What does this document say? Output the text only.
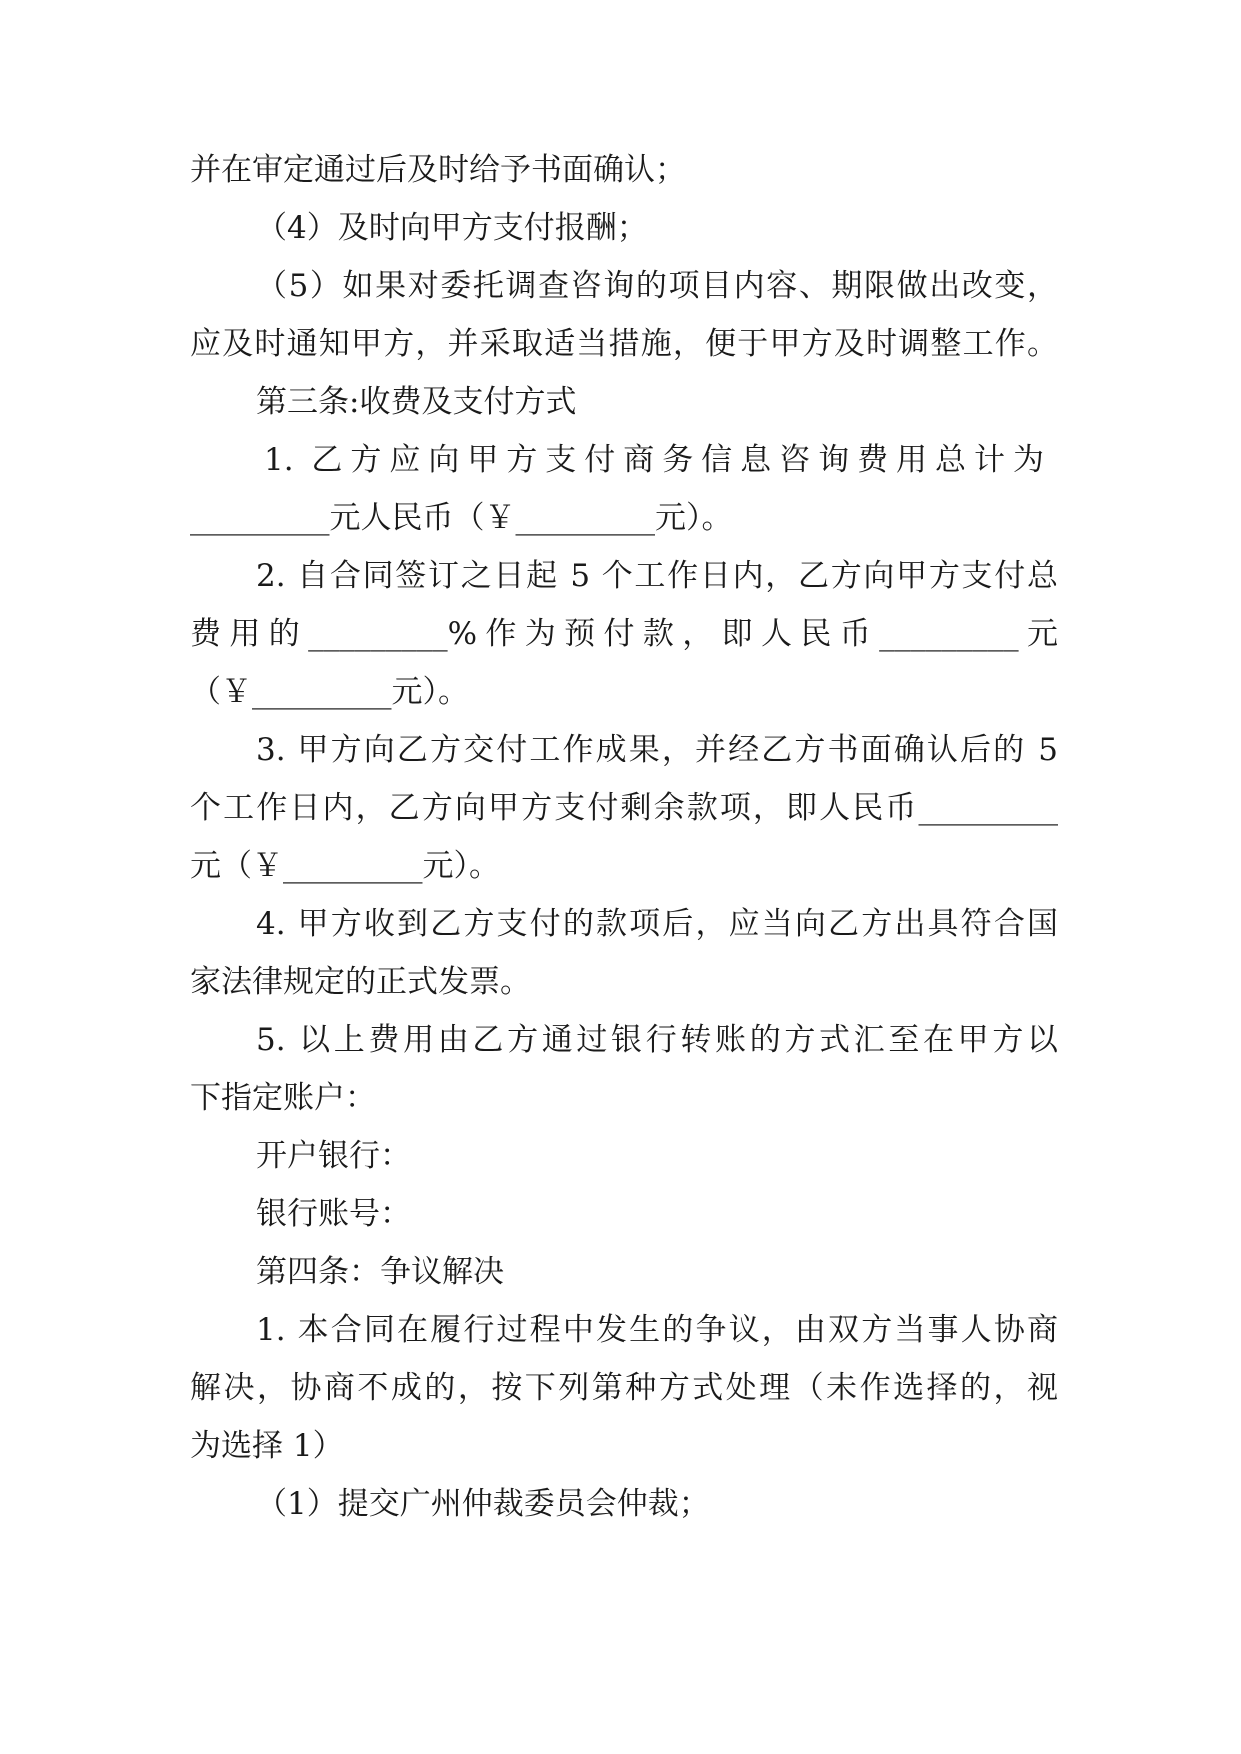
并在审定通过后及时给予书面确认；
（4）及时向甲方支付报酬；
（5）如果对委托调查咨询的项目内容、期限做出改变，
应及时通知甲方，并采取适当措施，便于甲方及时调整工作。
第三条:收费及支付方式
1. 乙方应向甲方支付商务信息咨询费用总计为
_________元人民币（￥_________元）。
2. 自合同签订之日起 5 个工作日内，乙方向甲方支付总
费用的_________%作为预付款，即人民币_________元
（￥_________元）。
3. 甲方向乙方交付工作成果，并经乙方书面确认后的 5
个工作日内，乙方向甲方支付剩余款项，即人民币_________
元（￥_________元）。
4. 甲方收到乙方支付的款项后，应当向乙方出具符合国
家法律规定的正式发票。
5. 以上费用由乙方通过银行转账的方式汇至在甲方以
下指定账户：
开户银行：
银行账号：
第四条：争议解决
1. 本合同在履行过程中发生的争议，由双方当事人协商
解决，协商不成的，按下列第种方式处理（未作选择的，视
为选择 1）
（1）提交广州仲裁委员会仲裁；
